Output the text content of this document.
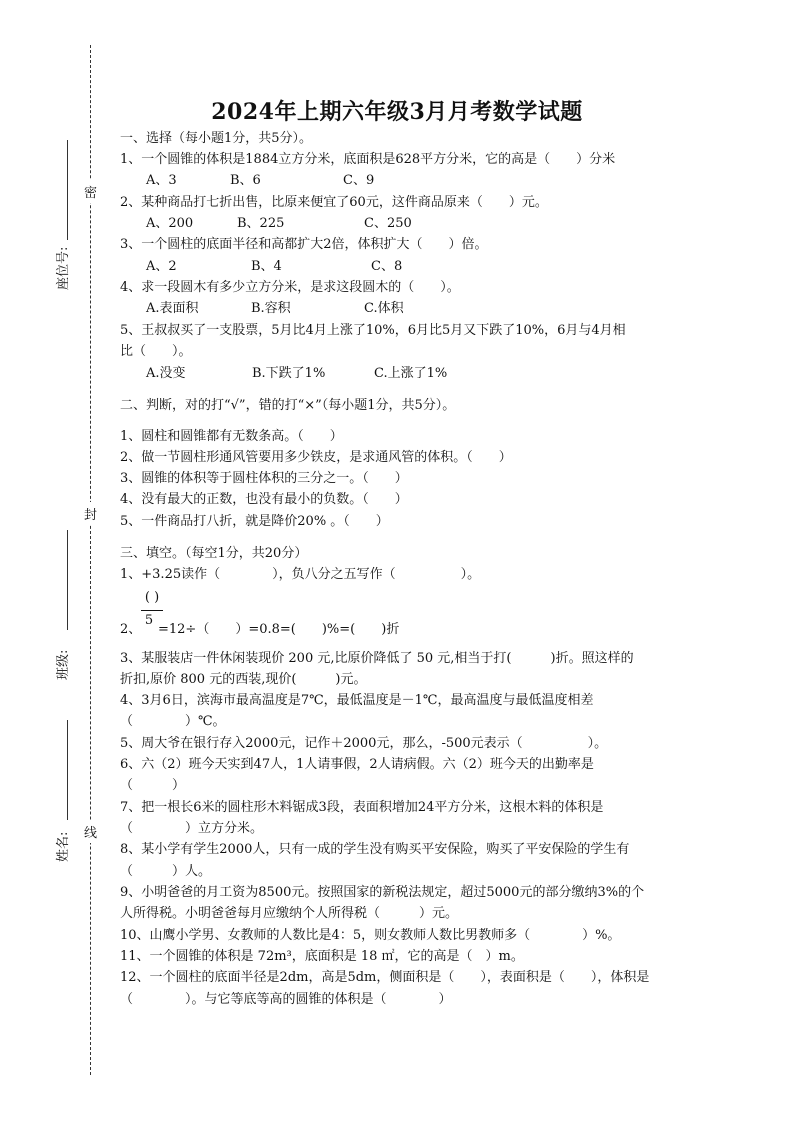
密
封
线
座位号:
班级:
姓名:
2024年上期六年级3月月考数学试题
一、选择（每小题1分，共5分）。
1、一个圆锥的体积是1884立方分米，底面积是628平方分米，它的高是（　　）分米
A、3	B、6	C、9
2、某种商品打七折出售，比原来便宜了60元，这件商品原来（　　）元。
A、200	B、225	C、250
3、一个圆柱的底面半径和高都扩大2倍，体积扩大（　　）倍。
A、2	B、4	C、8
4、求一段圆木有多少立方分米，是求这段圆木的（　　）。
A.表面积	B.容积	C.体积
5、王叔叔买了一支股票，5月比4月上涨了10%，6月比5月又下跌了10%，6月与4月相
比（　　）。
A.没变	B.下跌了1%	C.上涨了1%
二、判断，对的打“√”，错的打“×”（每小题1分，共5分）。
1、圆柱和圆锥都有无数条高。（　　）
2、做一节圆柱形通风管要用多少铁皮，是求通风管的体积。（　　）
3、圆锥的体积等于圆柱体积的三分之一。（　　）
4、没有最大的正数，也没有最小的负数。（　　）
5、一件商品打八折，就是降价20% 。（　　）
三、填空。（每空1分，共20分）
1、+3.25读作（　　　　），负八分之五写作（　　　　　）。
( )
5
2、 =12÷（　　）=0.8=(　　)%=(　　)折
3、某服装店一件休闲装现价 200 元,比原价降低了 50 元,相当于打(　　　)折。照这样的
折扣,原价 800 元的西装,现价(　　　)元。
4、3月6日，滨海市最高温度是7℃，最低温度是－1℃，最高温度与最低温度相差
（　　　　）℃。
5、周大爷在银行存入2000元，记作＋2000元，那么，-500元表示（　　　　　）。
6、六（2）班今天实到47人，1人请事假，2人请病假。六（2）班今天的出勤率是
（　　　）
7、把一根长6米的圆柱形木料锯成3段，表面积增加24平方分米，这根木料的体积是
（　　　　）立方分米。
8、某小学有学生2000人，只有一成的学生没有购买平安保险，购买了平安保险的学生有
（　　　）人。
9、小明爸爸的月工资为8500元。按照国家的新税法规定，超过5000元的部分缴纳3%的个
人所得税。小明爸爸每月应缴纳个人所得税（　　　）元。
10、山鹰小学男、女教师的人数比是4：5，则女教师人数比男教师多（　　　　）%。
11、一个圆锥的体积是 72m³，底面积是 18 ㎡，它的高是（　）m。
12、一个圆柱的底面半径是2dm，高是5dm，侧面积是（　　），表面积是（　　），体积是
（　　　　）。与它等底等高的圆锥的体积是（　　　　）
